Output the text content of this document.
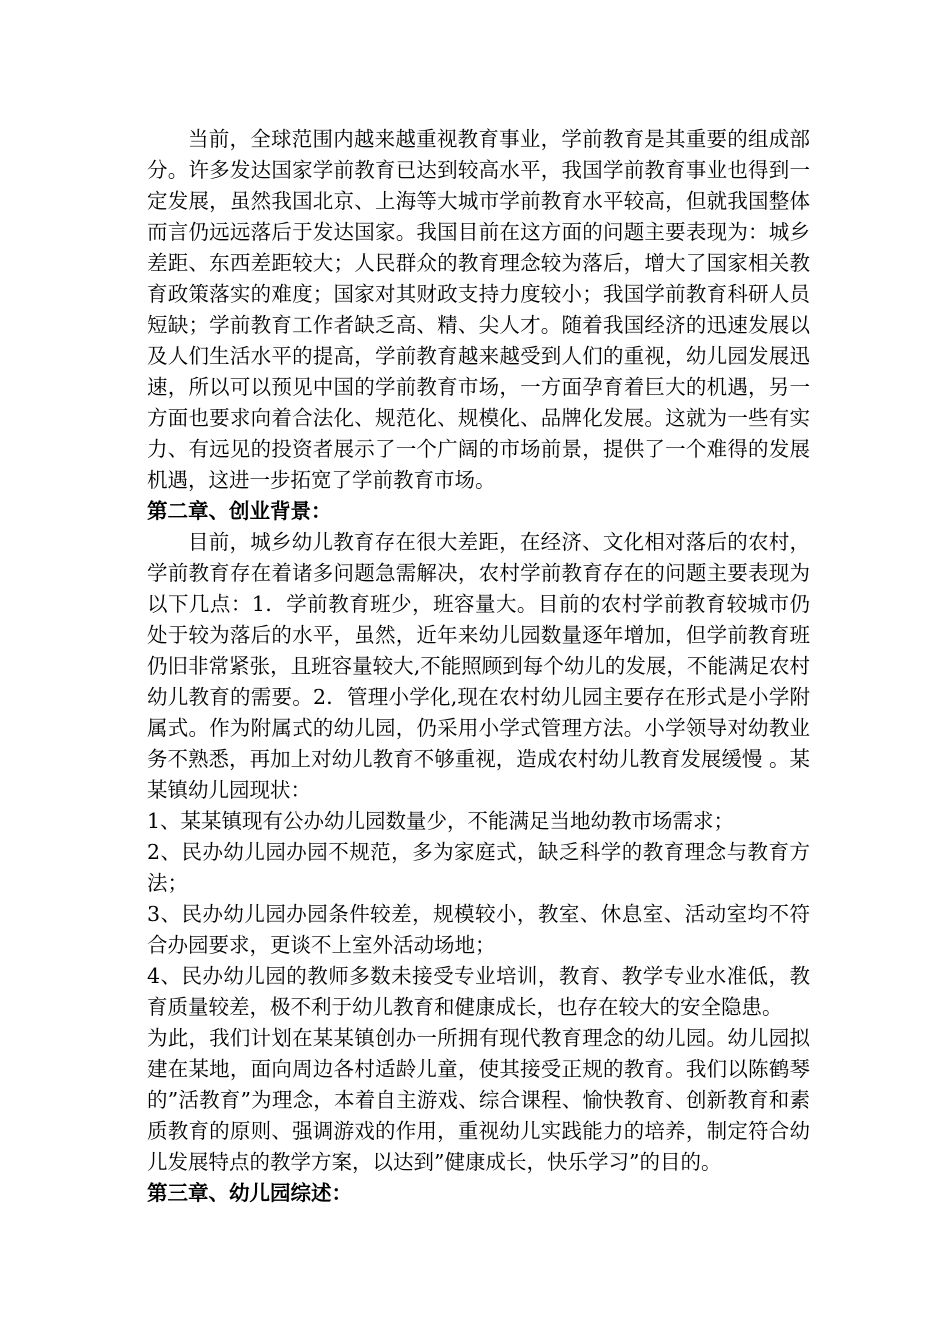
当前，全球范围内越来越重视教育事业，学前教育是其重要的组成部分。许多发达国家学前教育已达到较高水平，我国学前教育事业也得到一定发展，虽然我国北京、上海等大城市学前教育水平较高，但就我国整体而言仍远远落后于发达国家。我国目前在这方面的问题主要表现为：城乡差距、东西差距较大；人民群众的教育理念较为落后，增大了国家相关教育政策落实的难度；国家对其财政支持力度较小；我国学前教育科研人员短缺；学前教育工作者缺乏高、精、尖人才。随着我国经济的迅速发展以及人们生活水平的提高，学前教育越来越受到人们的重视，幼儿园发展迅速，所以可以预见中国的学前教育市场，一方面孕育着巨大的机遇，另一方面也要求向着合法化、规范化、规模化、品牌化发展。这就为一些有实力、有远见的投资者展示了一个广阔的市场前景，提供了一个难得的发展机遇，这进一步拓宽了学前教育市场。

第二章、创业背景：

目前，城乡幼儿教育存在很大差距，在经济、文化相对落后的农村，学前教育存在着诸多问题急需解决，农村学前教育存在的问题主要表现为以下几点：1．学前教育班少，班容量大。目前的农村学前教育较城市仍处于较为落后的水平，虽然，近年来幼儿园数量逐年增加，但学前教育班仍旧非常紧张，且班容量较大,不能照顾到每个幼儿的发展，不能满足农村幼儿教育的需要。2．管理小学化,现在农村幼儿园主要存在形式是小学附属式。作为附属式的幼儿园，仍采用小学式管理方法。小学领导对幼教业务不熟悉，再加上对幼儿教育不够重视，造成农村幼儿教育发展缓慢 。某某镇幼儿园现状：

1、某某镇现有公办幼儿园数量少，不能满足当地幼教市场需求；

2、民办幼儿园办园不规范，多为家庭式，缺乏科学的教育理念与教育方法；

3、民办幼儿园办园条件较差，规模较小，教室、休息室、活动室均不符合办园要求，更谈不上室外活动场地；

4、民办幼儿园的教师多数未接受专业培训，教育、教学专业水准低，教育质量较差，极不利于幼儿教育和健康成长，也存在较大的安全隐患。

为此，我们计划在某某镇创办一所拥有现代教育理念的幼儿园。幼儿园拟建在某地，面向周边各村适龄儿童，使其接受正规的教育。我们以陈鹤琴的”活教育”为理念，本着自主游戏、综合课程、愉快教育、创新教育和素质教育的原则、强调游戏的作用，重视幼儿实践能力的培养，制定符合幼儿发展特点的教学方案，以达到”健康成长，快乐学习”的目的。

第三章、幼儿园综述：
